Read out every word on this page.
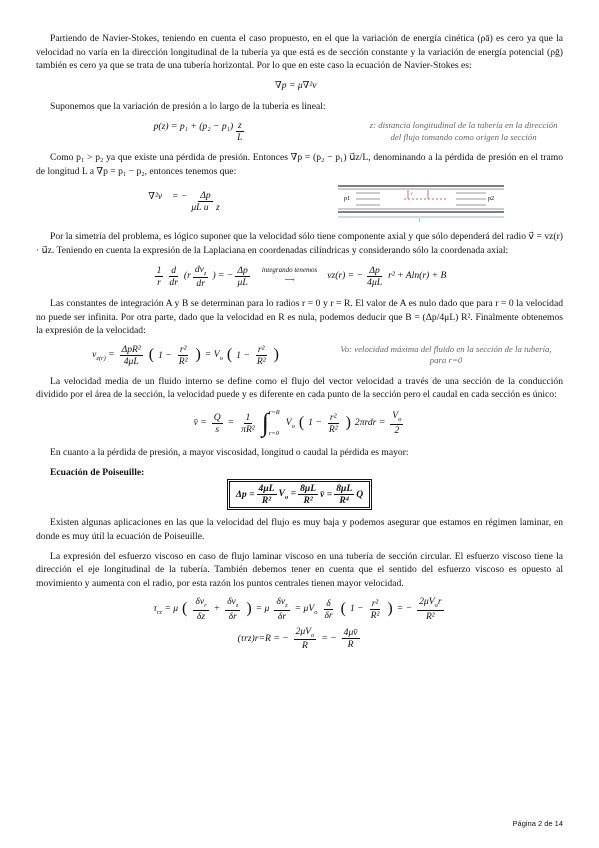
Partiendo de Navier-Stokes, teniendo en cuenta el caso propuesto, en el que la variación de energía cinética (ρā) es cero ya que la velocidad no varía en la dirección longitudinal de la tubería ya que está es de sección constante y la variación de energía potencial (ρḡ) también es cero ya que se trata de una tubería horizontal. Por lo que en este caso la ecuación de Navier-Stokes es:

∇p = μ∇²v⃗

Suponemos que la variación de presión a lo largo de la tubería es lineal:

$p(z) = p_1 + (p_2 - p_1) \frac{z}{L}$	z: distancia longitudinal de la tubería en la dirección del flujo tomando como origen la sección

Como p₁ > p₂ ya que existe una pérdida de presión. Entonces ∇p = (p₂ − p₁) u⃗z/L, denominando a la pérdida de presión en el tramo de longitud L a ∇p = p₁ − p₂, entonces tenemos que:

∇²v⃗ = − $\frac{\Delta p}{\text{μL u⃗z}}$	p1	p2
r
l

Por la simetría del problema, es lógico suponer que la velocidad sólo tiene componente axial y que sólo dependerá del radio v⃗ = vz(r) · u⃗z. Teniendo en cuenta la expresión de la Laplaciana en coordenadas cilíndricas y considerando sólo la coordenada axial:

$\frac{1}{r} \frac{d}{dr} (r \frac{dv_z}{dr}$ ) = − $\frac{\Delta p}{\mu L}$ integrando tenemos
⟶	vz(r) = − $\frac{\Delta p}{4\mu L} r^2 + Aln(r) + B$

Las constantes de integración A y B se determinan para lo radios r = 0 y r = R. El valor de A es nulo dado que para r = 0 la velocidad no puede ser infinita. Por otra parte, dado que la velocidad en R es nula, podemos deducir que B = (Δp/4μL) R². Finalmente obtenemos la expresión de la velocidad:

$v_{z(r)} = \frac{\text{ΔpR²}}{4\mu L}$ ( $1 - \frac{\text{r²}}{\text{R²}}$ ) = $V_o$ ( $1 - \frac{\text{r²}}{\text{R²}}$ )	Vo: velocidad máxima del fluido en la sección de la tubería, para r=0

La velocidad media de un fluido interno se define como el flujo del vector velocidad a través de una sección de la conducción dividido por el área de la sección, la velocidad puede y es diferente en cada punto de la sección pero el caudal en cada sección es único:

v̄ = $\frac{Q}{s} = \frac{1}{\text{πR²}}$ ∫ r=R
r=0
$V_o$ ( $1 - \frac{\text{r²}}{\text{R²}}$ ) $2\pi rdr = \frac{V_o}{2}$

En cuanto a la pérdida de presión, a mayor viscosidad, longitud o caudal la pérdida es mayor:

Ecuación de Poiseuille:
$\Delta p = \frac{4\mu L}{\text{R²}} V_o = \frac{8\mu L}{\text{R²}}$ v̄ = $\frac{8\mu L}{\text{R⁴}}$ Q

Existen algunas aplicaciones en las que la velocidad del flujo es muy baja y podemos asegurar que estamos en régimen laminar, en donde es muy útil la ecuación de Poiseuille.

La expresión del esfuerzo viscoso en caso de flujo laminar viscoso en una tubería de sección circular. El esfuerzo viscoso tiene la dirección el eje longitudinal de la tubería. También debemos tener en cuenta que el sentido del esfuerzo viscoso es opuesto al movimiento y aumenta con el radio, por esta razón los puntos centrales tienen mayor velocidad.

$\tau_{rz} = \mu$ ( $\frac{\delta v_r}{\delta z} + \frac{\delta v_z}{\delta r}$ ) = μ $\frac{\delta v_z}{\delta r} = \mu V_o \frac{\delta}{\delta r}$ ( $1 - \frac{\text{r²}}{\text{R²}}$ ) = − $\frac{2\mu V_or}{\text{R²}}$
(τrz)r=R = − $\frac{2\mu V_o}{R}$ = − $\frac{4\mu v̄}{R}$
Página 2 de 14
